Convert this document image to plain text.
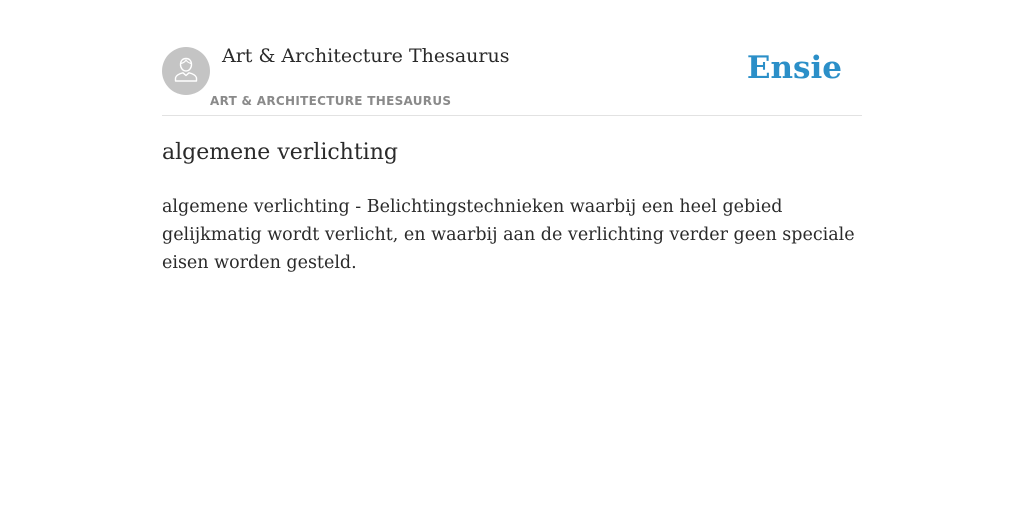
Art & Architecture Thesaurus
ART & ARCHITECTURE THESAURUS
Ensie
algemene verlichting

algemene verlichting - Belichtingstechnieken waarbij een heel gebied gelijkmatig wordt verlicht, en waarbij aan de verlichting verder geen speciale eisen worden gesteld.
